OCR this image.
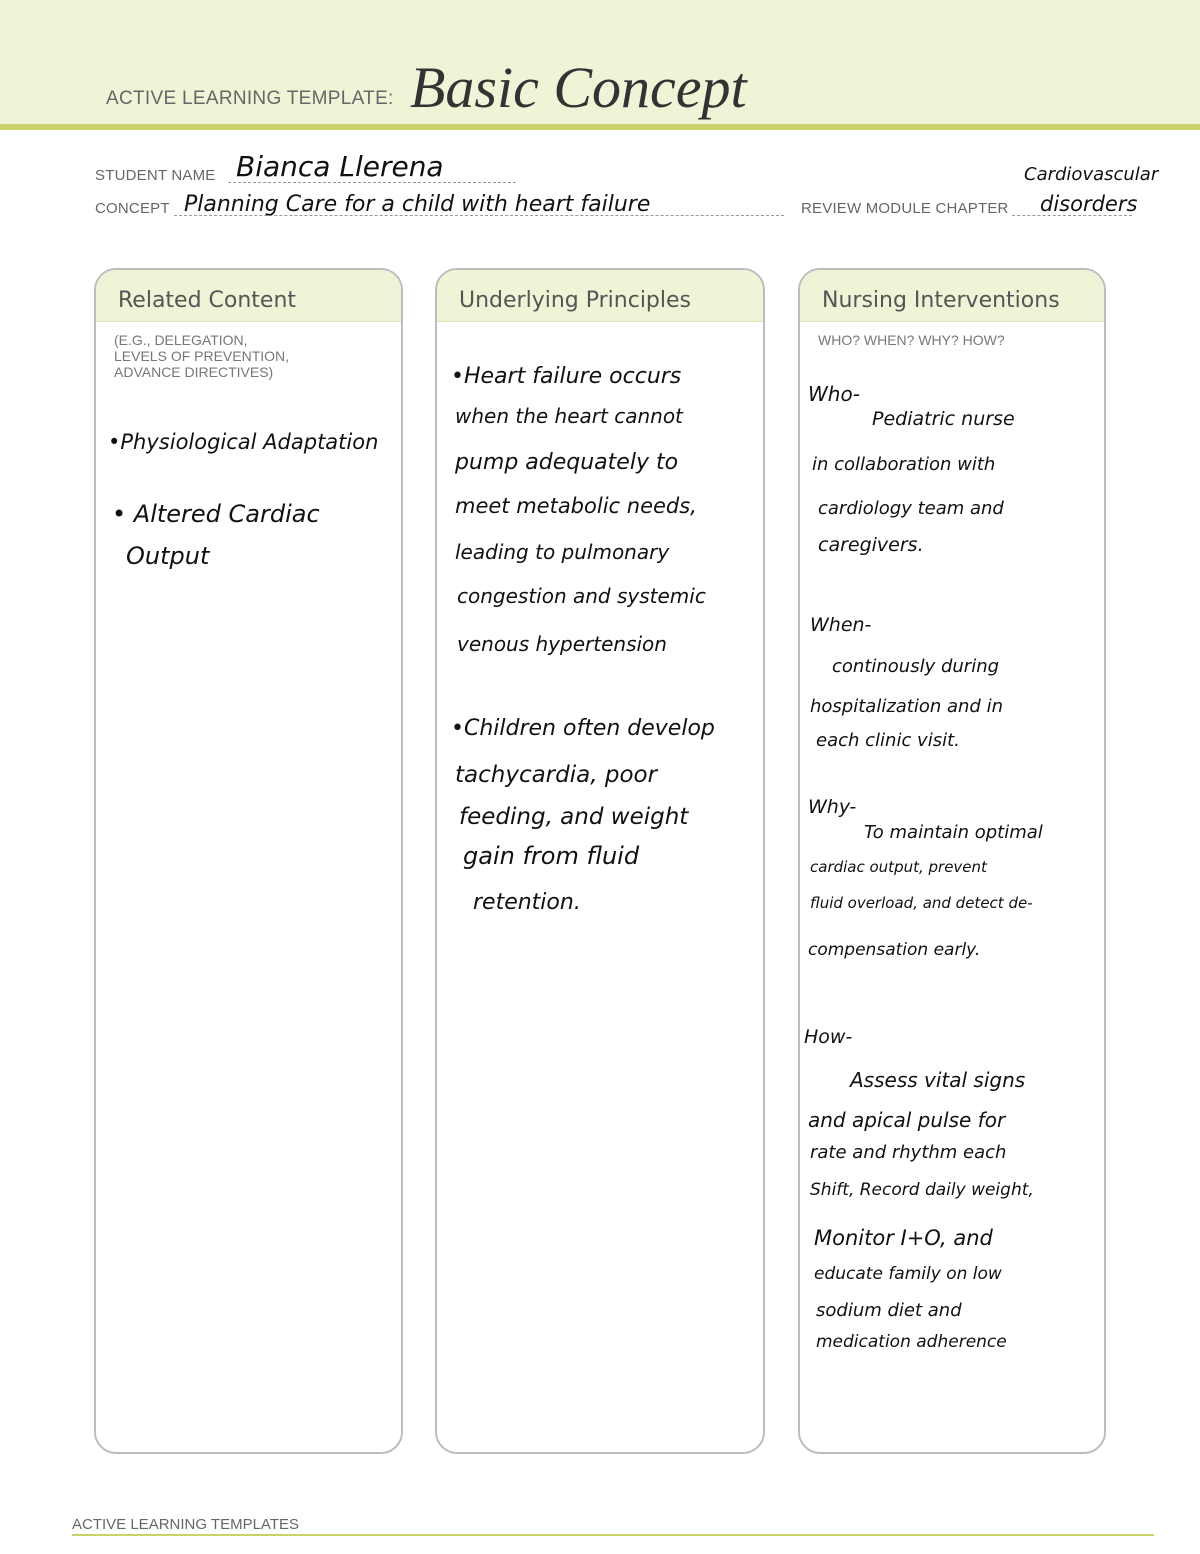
ACTIVE LEARNING TEMPLATE: Basic Concept
STUDENT NAME Bianca Llerena
CONCEPT Planning Care for a child with heart failure	REVIEW MODULE CHAPTER
Cardiovascular
disorders
Related Content
(E.G., DELEGATION,
LEVELS OF PREVENTION,
ADVANCE DIRECTIVES)
•Physiological Adaptation
• Altered Cardiac
Output
Underlying Principles
•Heart failure occurs
when the heart cannot
pump adequately to
meet metabolic needs,
leading to pulmonary
congestion and systemic
venous hypertension
•Children often develop
tachycardia, poor
feeding, and weight
gain from fluid
retention.
Nursing Interventions
WHO? WHEN? WHY? HOW?
Who-
Pediatric nurse
in collaboration with
cardiology team and
caregivers.
When-
continously during
hospitalization and in
each clinic visit.
Why-
To maintain optimal
cardiac output, prevent
fluid overload, and detect de-
compensation early.
How-
Assess vital signs
and apical pulse for
rate and rhythm each
Shift, Record daily weight,
Monitor I+O, and
educate family on low
sodium diet and
medication adherence
ACTIVE LEARNING TEMPLATES
